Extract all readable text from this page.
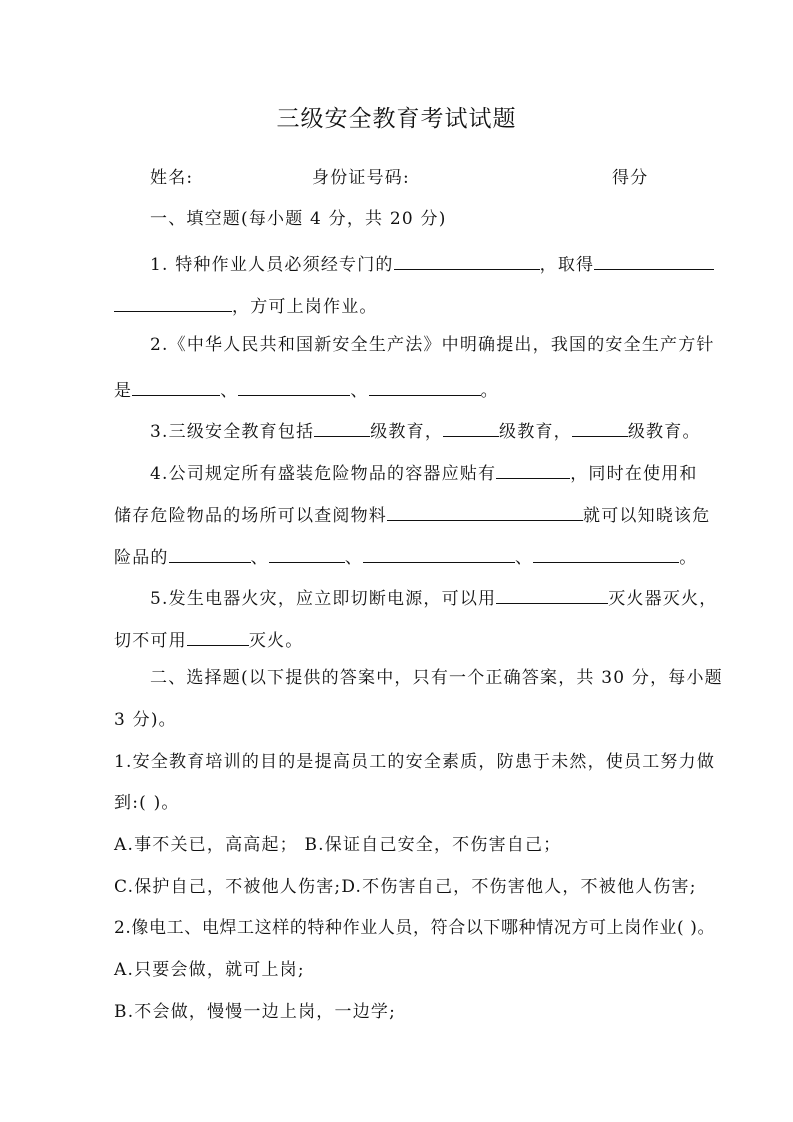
三级安全教育考试试题
姓名:	身份证号码:	得分
一、填空题(每小题 4 分，共 20 分)
1. 特种作业人员必须经专门的	，取得
，方可上岗作业。
2.《中华人民共和国新安全生产法》中明确提出，我国的安全生产方针
是	、	、	。
3.三级安全教育包括	级教育，	级教育，	级教育。
4.公司规定所有盛装危险物品的容器应贴有	，同时在使用和
储存危险物品的场所可以查阅物料	就可以知晓该危
险品的	、	、	、	。
5.发生电器火灾，应立即切断电源，可以用	灭火器灭火，
切不可用	灭火。
二、选择题(以下提供的答案中，只有一个正确答案，共 30 分，每小题
3 分)。
1.安全教育培训的目的是提高员工的安全素质，防患于未然，使员工努力做
到:( )。
A.事不关已，高高起； B.保证自己安全，不伤害自己；
C.保护自己，不被他人伤害;D.不伤害自己，不伤害他人，不被他人伤害;
2.像电工、电焊工这样的特种作业人员，符合以下哪种情况方可上岗作业( )。
A.只要会做，就可上岗;
B.不会做，慢慢一边上岗，一边学;
